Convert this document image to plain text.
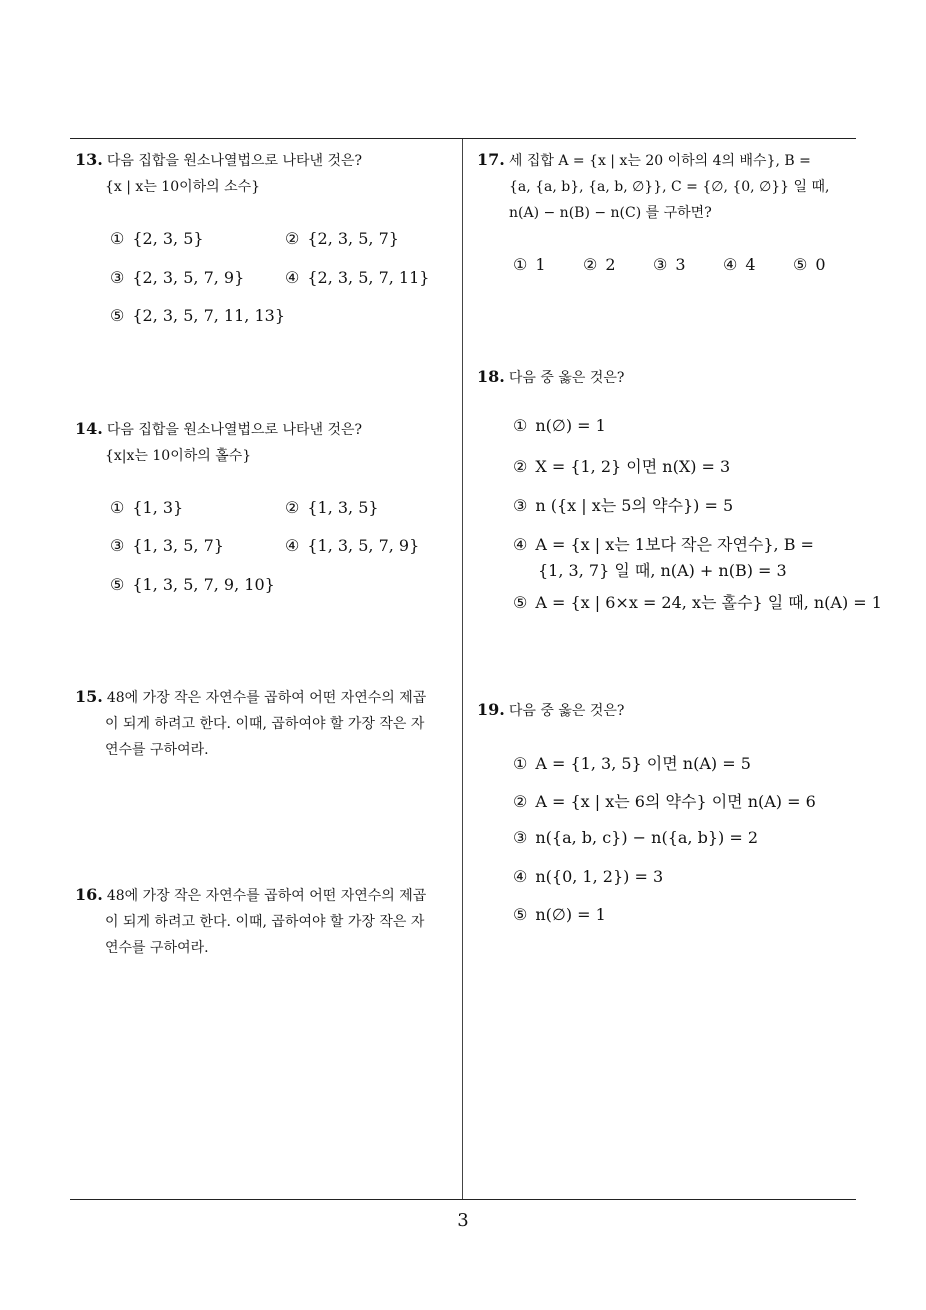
13. 다음 집합을 원소나열법으로 나타낸 것은?
{x | x는 10이하의 소수}
① {2, 3, 5}	② {2, 3, 5, 7}
③ {2, 3, 5, 7, 9}	④ {2, 3, 5, 7, 11}
⑤ {2, 3, 5, 7, 11, 13}
14. 다음 집합을 원소나열법으로 나타낸 것은?
{x|x는 10이하의 홀수}
① {1, 3}	② {1, 3, 5}
③ {1, 3, 5, 7}	④ {1, 3, 5, 7, 9}
⑤ {1, 3, 5, 7, 9, 10}
15. 48에 가장 작은 자연수를 곱하여 어떤 자연수의 제곱
이 되게 하려고 한다. 이때, 곱하여야 할 가장 작은 자
연수를 구하여라.
16. 48에 가장 작은 자연수를 곱하여 어떤 자연수의 제곱
이 되게 하려고 한다. 이때, 곱하여야 할 가장 작은 자
연수를 구하여라.
17. 세 집합 A = {x | x는 20 이하의 4의 배수}, B =
{a, {a, b}, {a, b, ∅}}, C = {∅, {0, ∅}} 일 때,
n(A) − n(B) − n(C) 를 구하면?
① 1 ② 2 ③ 3 ④ 4 ⑤ 0
18. 다음 중 옳은 것은?
① n(∅) = 1
② X = {1, 2} 이면 n(X) = 3
③ n ({x | x는 5의 약수}) = 5
④ A = {x | x는 1보다 작은 자연수}, B =
{1, 3, 7} 일 때, n(A) + n(B) = 3
⑤ A = {x | 6×x = 24, x는 홀수} 일 때, n(A) = 1
19. 다음 중 옳은 것은?
① A = {1, 3, 5} 이면 n(A) = 5
② A = {x | x는 6의 약수} 이면 n(A) = 6
③ n({a, b, c}) − n({a, b}) = 2
④ n({0, 1, 2}) = 3
⑤ n(∅) = 1
3
